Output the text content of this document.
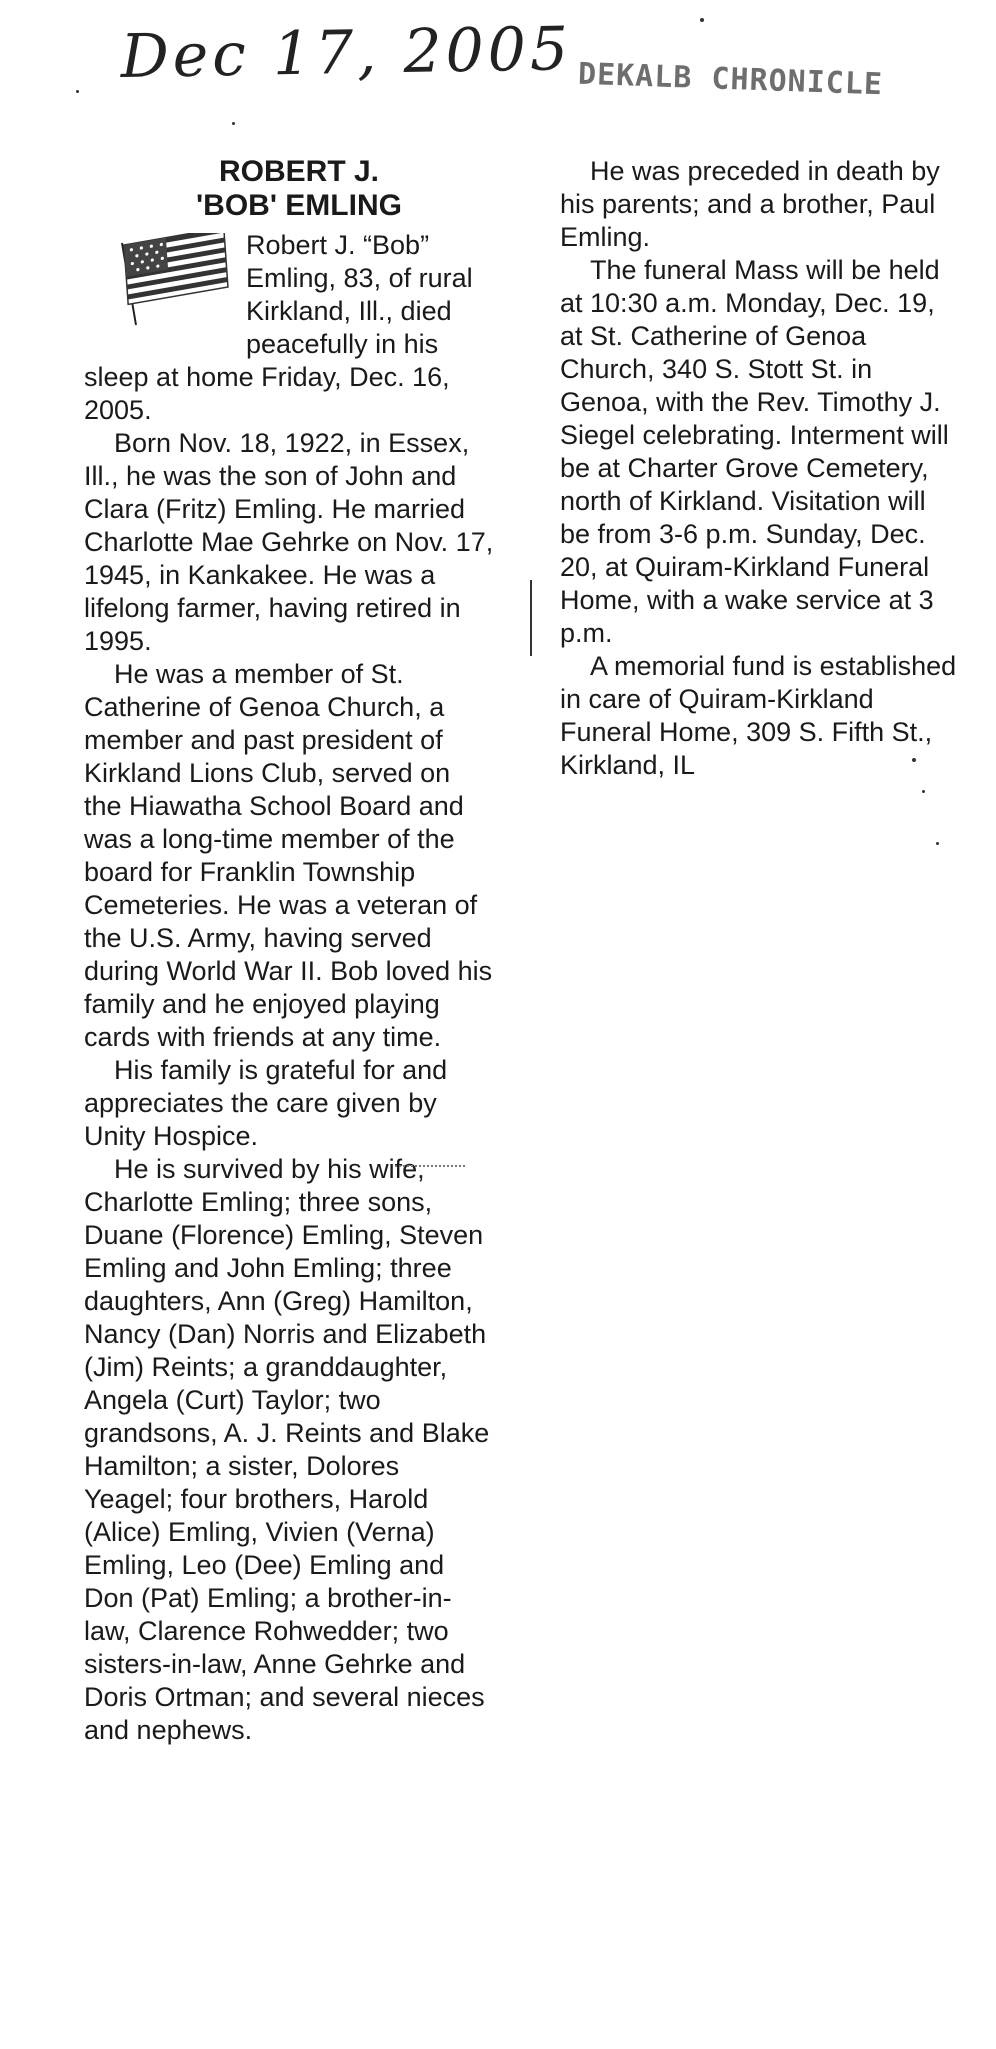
Dec 17, 2005 DEKALB CHRONICLE
ROBERT J.
'BOB' EMLING

Robert J. “Bob” Emling, 83, of rural Kirkland, Ill., died peacefully in his sleep at home Friday, Dec. 16, 2005.

Born Nov. 18, 1922, in Essex, Ill., he was the son of John and Clara (Fritz) Emling. He married Charlotte Mae Gehrke on Nov. 17, 1945, in Kankakee. He was a lifelong farmer, having retired in 1995.

He was a member of St. Catherine of Genoa Church, a member and past president of Kirkland Lions Club, served on the Hiawatha School Board and was a long-time member of the board for Franklin Township Cemeteries. He was a veteran of the U.S. Army, having served during World War II. Bob loved his family and he enjoyed playing cards with friends at any time.

His family is grateful for and appreciates the care given by Unity Hospice.

He is survived by his wife, Charlotte Emling; three sons, Duane (Florence) Emling, Steven Emling and John Emling; three daughters, Ann (Greg) Hamilton, Nancy (Dan) Norris and Elizabeth (Jim) Reints; a granddaughter, Angela (Curt) Taylor; two grandsons, A. J. Reints and Blake Hamilton; a sister, Dolores Yeagel; four brothers, Harold (Alice) Emling, Vivien (Verna) Emling, Leo (Dee) Emling and Don (Pat) Emling; a brother-in-law, Clarence Rohwedder; two sisters-in-law, Anne Gehrke and Doris Ortman; and several nieces and nephews.

He was preceded in death by his parents; and a brother, Paul Emling.

The funeral Mass will be held at 10:30 a.m. Monday, Dec. 19, at St. Catherine of Genoa Church, 340 S. Stott St. in Genoa, with the Rev. Timothy J. Siegel celebrating. Interment will be at Charter Grove Cemetery, north of Kirkland. Visitation will be from 3-6 p.m. Sunday, Dec. 20, at Quiram-Kirkland Funeral Home, with a wake service at 3 p.m.

A memorial fund is established in care of Quiram-Kirkland Funeral Home, 309 S. Fifth St., Kirkland, IL
